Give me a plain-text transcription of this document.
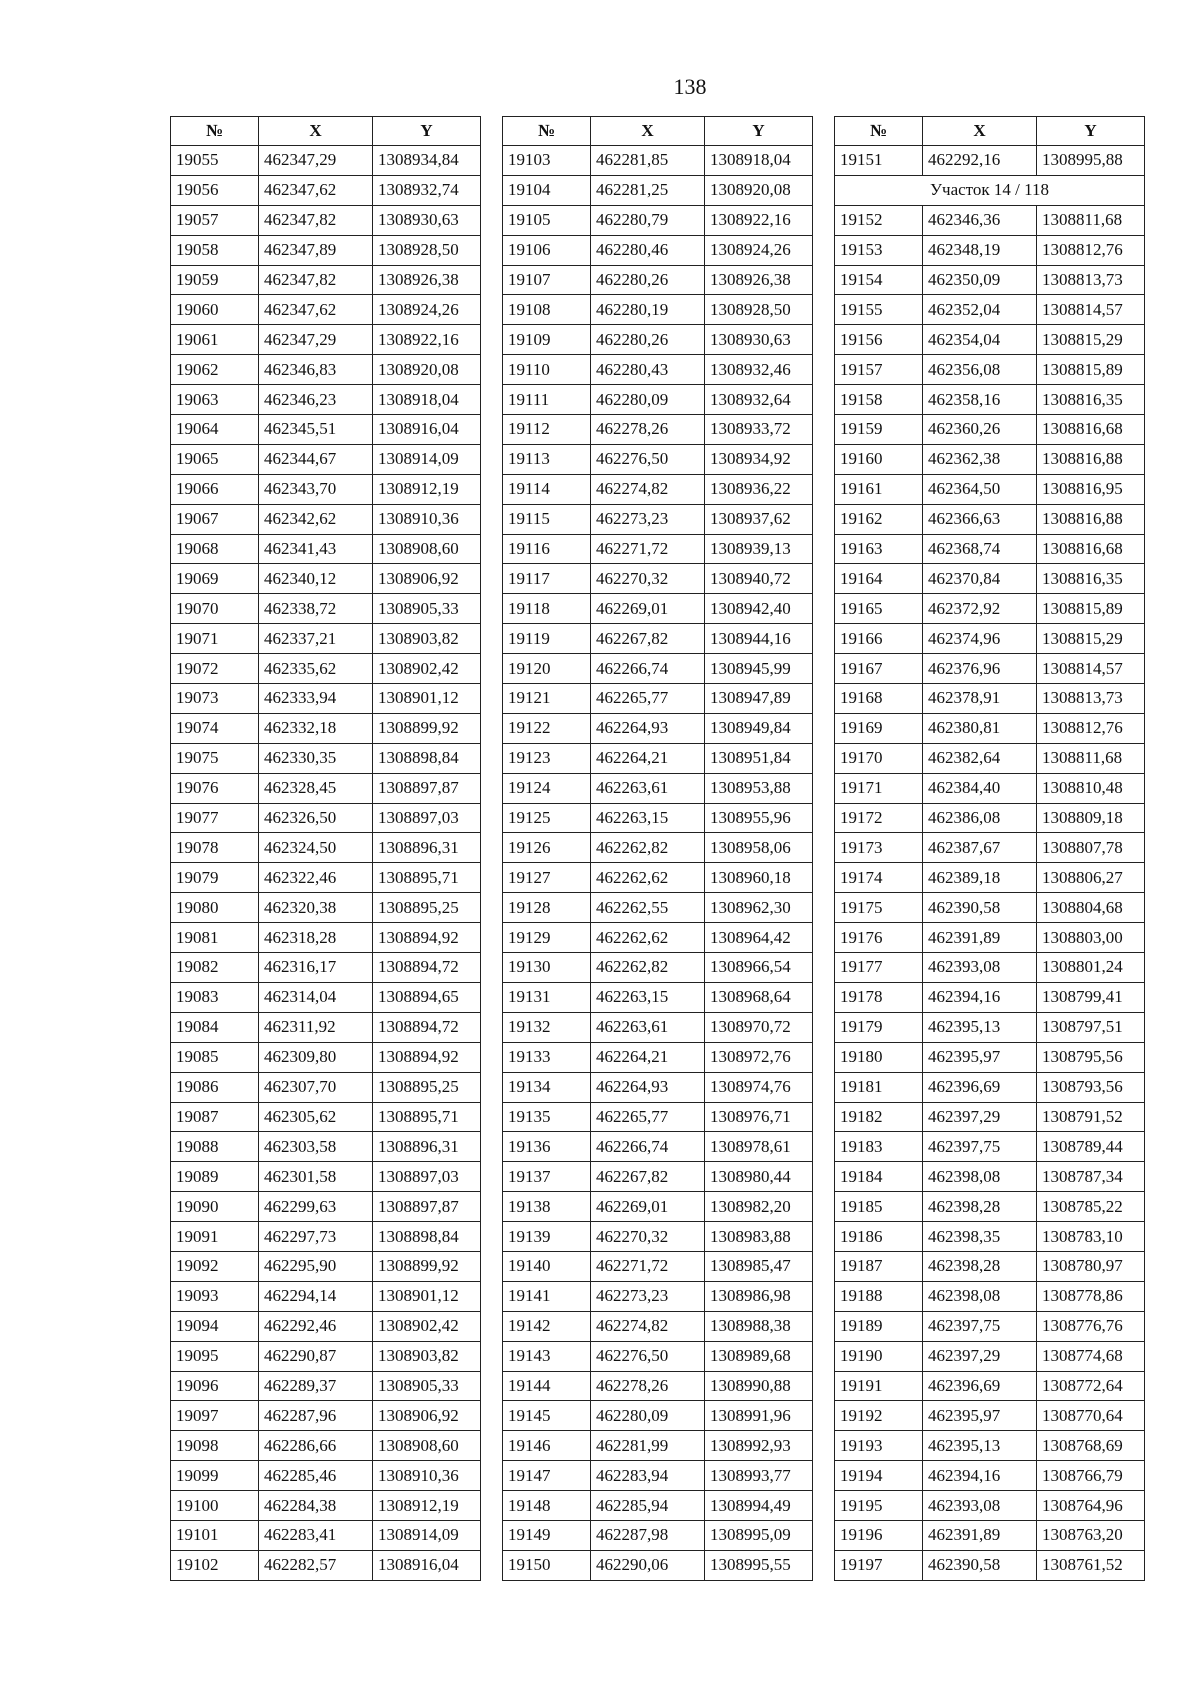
138
№	X	Y
19055	462347,29	1308934,84
19056	462347,62	1308932,74
19057	462347,82	1308930,63
19058	462347,89	1308928,50
19059	462347,82	1308926,38
19060	462347,62	1308924,26
19061	462347,29	1308922,16
19062	462346,83	1308920,08
19063	462346,23	1308918,04
19064	462345,51	1308916,04
19065	462344,67	1308914,09
19066	462343,70	1308912,19
19067	462342,62	1308910,36
19068	462341,43	1308908,60
19069	462340,12	1308906,92
19070	462338,72	1308905,33
19071	462337,21	1308903,82
19072	462335,62	1308902,42
19073	462333,94	1308901,12
19074	462332,18	1308899,92
19075	462330,35	1308898,84
19076	462328,45	1308897,87
19077	462326,50	1308897,03
19078	462324,50	1308896,31
19079	462322,46	1308895,71
19080	462320,38	1308895,25
19081	462318,28	1308894,92
19082	462316,17	1308894,72
19083	462314,04	1308894,65
19084	462311,92	1308894,72
19085	462309,80	1308894,92
19086	462307,70	1308895,25
19087	462305,62	1308895,71
19088	462303,58	1308896,31
19089	462301,58	1308897,03
19090	462299,63	1308897,87
19091	462297,73	1308898,84
19092	462295,90	1308899,92
19093	462294,14	1308901,12
19094	462292,46	1308902,42
19095	462290,87	1308903,82
19096	462289,37	1308905,33
19097	462287,96	1308906,92
19098	462286,66	1308908,60
19099	462285,46	1308910,36
19100	462284,38	1308912,19
19101	462283,41	1308914,09
19102	462282,57	1308916,04
№	X	Y
19103	462281,85	1308918,04
19104	462281,25	1308920,08
19105	462280,79	1308922,16
19106	462280,46	1308924,26
19107	462280,26	1308926,38
19108	462280,19	1308928,50
19109	462280,26	1308930,63
19110	462280,43	1308932,46
19111	462280,09	1308932,64
19112	462278,26	1308933,72
19113	462276,50	1308934,92
19114	462274,82	1308936,22
19115	462273,23	1308937,62
19116	462271,72	1308939,13
19117	462270,32	1308940,72
19118	462269,01	1308942,40
19119	462267,82	1308944,16
19120	462266,74	1308945,99
19121	462265,77	1308947,89
19122	462264,93	1308949,84
19123	462264,21	1308951,84
19124	462263,61	1308953,88
19125	462263,15	1308955,96
19126	462262,82	1308958,06
19127	462262,62	1308960,18
19128	462262,55	1308962,30
19129	462262,62	1308964,42
19130	462262,82	1308966,54
19131	462263,15	1308968,64
19132	462263,61	1308970,72
19133	462264,21	1308972,76
19134	462264,93	1308974,76
19135	462265,77	1308976,71
19136	462266,74	1308978,61
19137	462267,82	1308980,44
19138	462269,01	1308982,20
19139	462270,32	1308983,88
19140	462271,72	1308985,47
19141	462273,23	1308986,98
19142	462274,82	1308988,38
19143	462276,50	1308989,68
19144	462278,26	1308990,88
19145	462280,09	1308991,96
19146	462281,99	1308992,93
19147	462283,94	1308993,77
19148	462285,94	1308994,49
19149	462287,98	1308995,09
19150	462290,06	1308995,55
№	X	Y
19151	462292,16	1308995,88
Участок 14 / 118		
19152	462346,36	1308811,68
19153	462348,19	1308812,76
19154	462350,09	1308813,73
19155	462352,04	1308814,57
19156	462354,04	1308815,29
19157	462356,08	1308815,89
19158	462358,16	1308816,35
19159	462360,26	1308816,68
19160	462362,38	1308816,88
19161	462364,50	1308816,95
19162	462366,63	1308816,88
19163	462368,74	1308816,68
19164	462370,84	1308816,35
19165	462372,92	1308815,89
19166	462374,96	1308815,29
19167	462376,96	1308814,57
19168	462378,91	1308813,73
19169	462380,81	1308812,76
19170	462382,64	1308811,68
19171	462384,40	1308810,48
19172	462386,08	1308809,18
19173	462387,67	1308807,78
19174	462389,18	1308806,27
19175	462390,58	1308804,68
19176	462391,89	1308803,00
19177	462393,08	1308801,24
19178	462394,16	1308799,41
19179	462395,13	1308797,51
19180	462395,97	1308795,56
19181	462396,69	1308793,56
19182	462397,29	1308791,52
19183	462397,75	1308789,44
19184	462398,08	1308787,34
19185	462398,28	1308785,22
19186	462398,35	1308783,10
19187	462398,28	1308780,97
19188	462398,08	1308778,86
19189	462397,75	1308776,76
19190	462397,29	1308774,68
19191	462396,69	1308772,64
19192	462395,97	1308770,64
19193	462395,13	1308768,69
19194	462394,16	1308766,79
19195	462393,08	1308764,96
19196	462391,89	1308763,20
19197	462390,58	1308761,52
